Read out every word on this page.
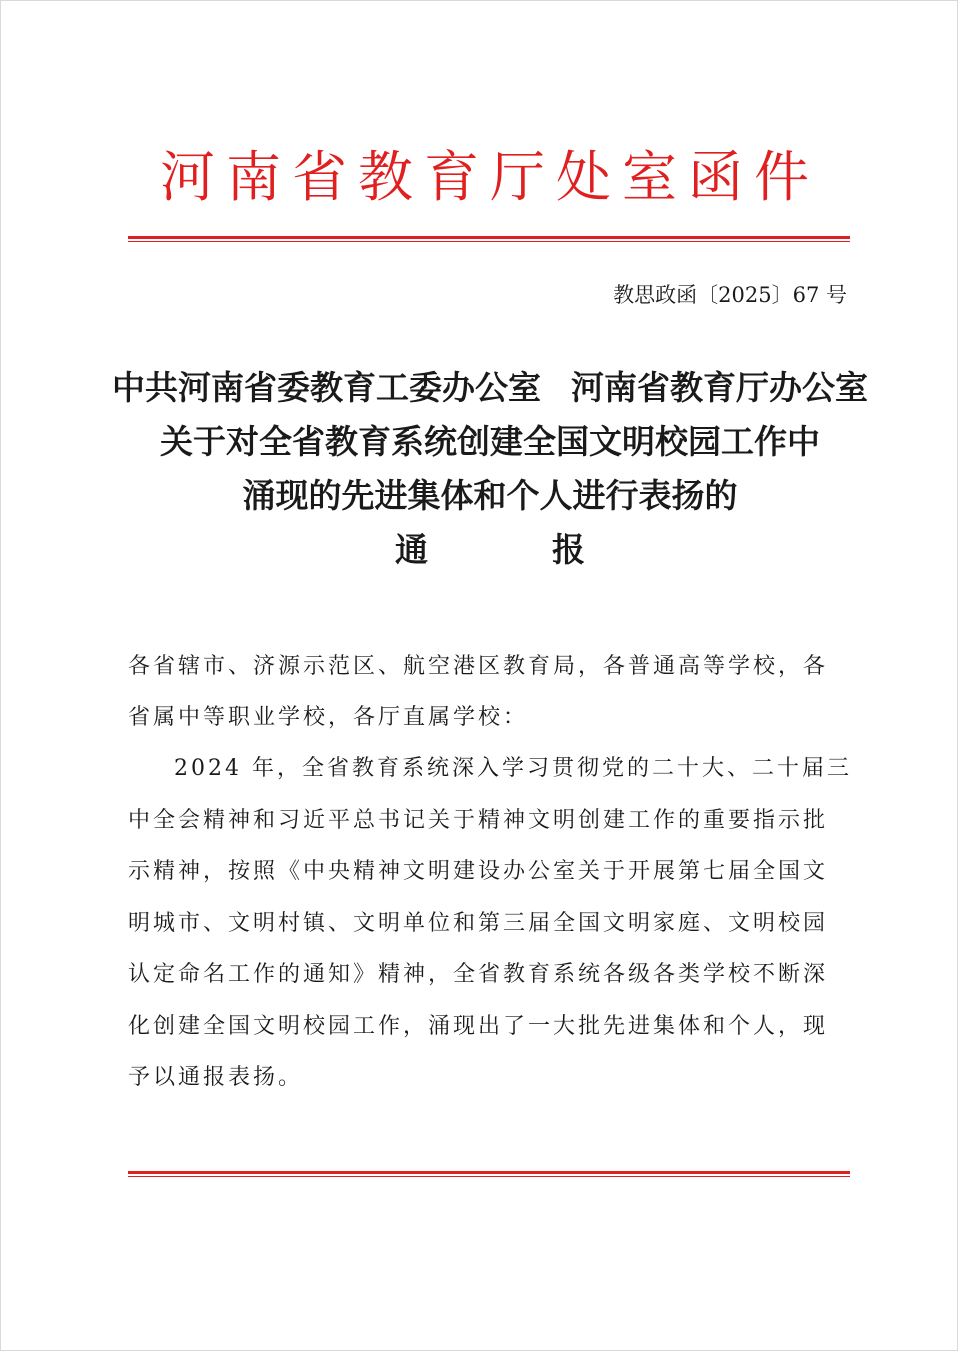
河南省教育厅处室函件
教思政函〔2025〕67 号
中共河南省委教育工委办公室 河南省教育厅办公室
关于对全省教育系统创建全国文明校园工作中
涌现的先进集体和个人进行表扬的
通	报
各省辖市、济源示范区、航空港区教育局，各普通高等学校，各
省属中等职业学校，各厅直属学校：
2024 年，全省教育系统深入学习贯彻党的二十大、二十届三
中全会精神和习近平总书记关于精神文明创建工作的重要指示批
示精神，按照《中央精神文明建设办公室关于开展第七届全国文
明城市、文明村镇、文明单位和第三届全国文明家庭、文明校园
认定命名工作的通知》精神，全省教育系统各级各类学校不断深
化创建全国文明校园工作，涌现出了一大批先进集体和个人，现
予以通报表扬。
